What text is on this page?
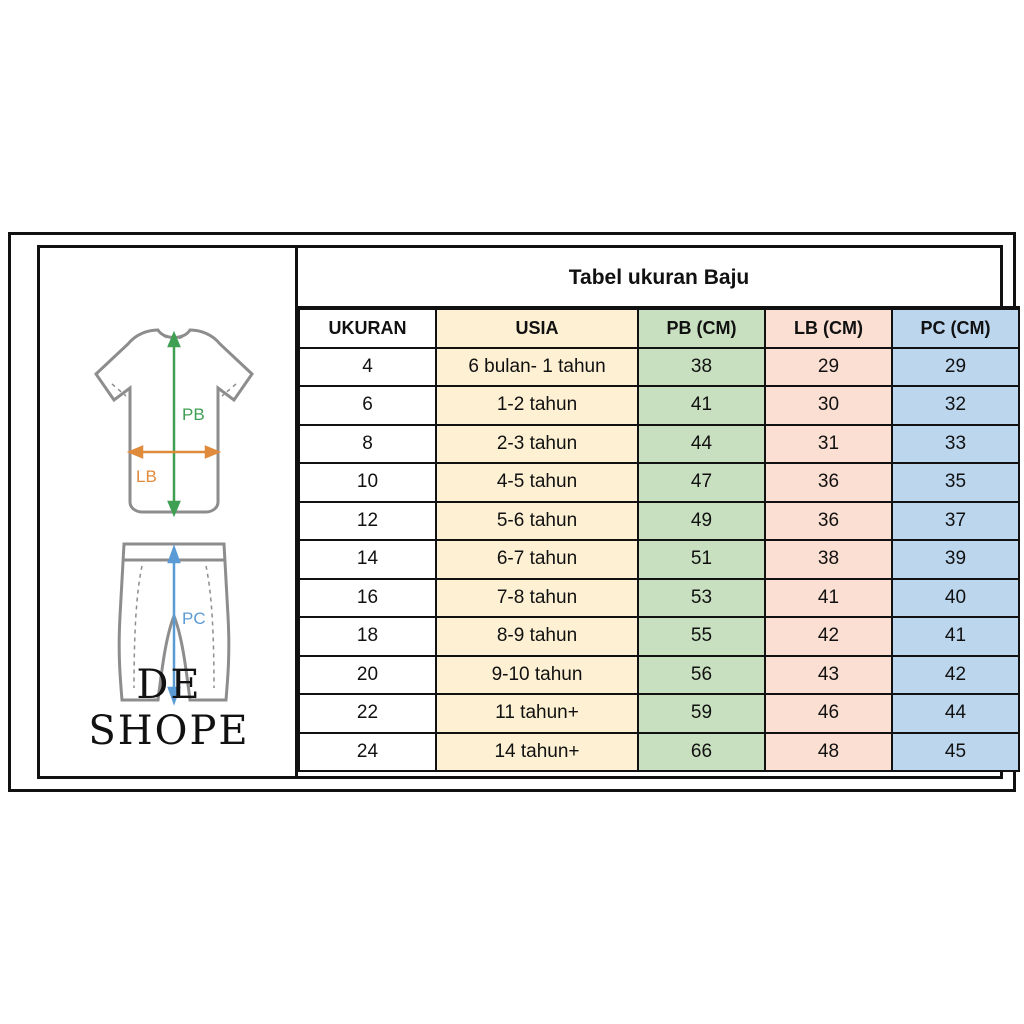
PB
LB
PC
DE SHOPE
Tabel ukuran Baju
UKURAN	USIA	PB (CM)	LB (CM)	PC (CM)
4	6 bulan- 1 tahun	38	29	29
6	1-2 tahun	41	30	32
8	2-3 tahun	44	31	33
10	4-5 tahun	47	36	35
12	5-6 tahun	49	36	37
14	6-7 tahun	51	38	39
16	7-8 tahun	53	41	40
18	8-9 tahun	55	42	41
20	9-10 tahun	56	43	42
22	11 tahun+	59	46	44
24	14 tahun+	66	48	45
